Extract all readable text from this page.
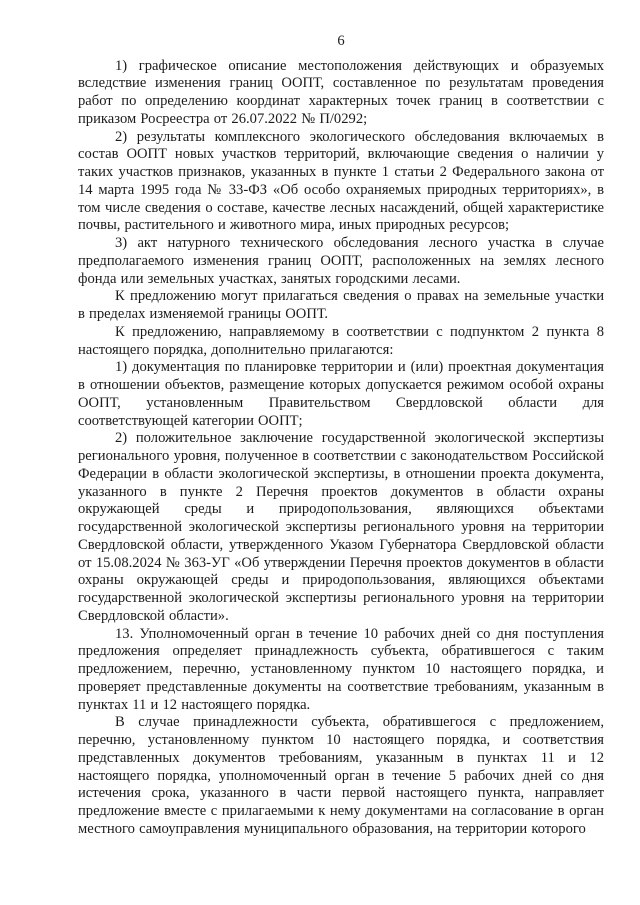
6

1) графическое описание местоположения действующих и образуемых вследствие изменения границ ООПТ, составленное по результатам проведения работ по определению координат характерных точек границ в соответствии с приказом Росреестра от 26.07.2022 № П/0292;

2) результаты комплексного экологического обследования включаемых в состав ООПТ новых участков территорий, включающие сведения о наличии у таких участков признаков, указанных в пункте 1 статьи 2 Федерального закона от 14 марта 1995 года № 33-ФЗ «Об особо охраняемых природных территориях», в том числе сведения о составе, качестве лесных насаждений, общей характеристике почвы, растительного и животного мира, иных природных ресурсов;

3) акт натурного технического обследования лесного участка в случае предполагаемого изменения границ ООПТ, расположенных на землях лесного фонда или земельных участках, занятых городскими лесами.

К предложению могут прилагаться сведения о правах на земельные участки в пределах изменяемой границы ООПТ.

К предложению, направляемому в соответствии с подпунктом 2 пункта 8 настоящего порядка, дополнительно прилагаются:

1) документация по планировке территории и (или) проектная документация в отношении объектов, размещение которых допускается режимом особой охраны ООПТ, установленным Правительством Свердловской области для соответствующей категории ООПТ;

2) положительное заключение государственной экологической экспертизы регионального уровня, полученное в соответствии с законодательством Российской Федерации в области экологической экспертизы, в отношении проекта документа, указанного в пункте 2 Перечня проектов документов в области охраны окружающей среды и природопользования, являющихся объектами государственной экологической экспертизы регионального уровня на территории Свердловской области, утвержденного Указом Губернатора Свердловской области от 15.08.2024 № 363-УГ «Об утверждении Перечня проектов документов в области охраны окружающей среды и природопользования, являющихся объектами государственной экологической экспертизы регионального уровня на территории Свердловской области».

13. Уполномоченный орган в течение 10 рабочих дней со дня поступления предложения определяет принадлежность субъекта, обратившегося с таким предложением, перечню, установленному пунктом 10 настоящего порядка, и проверяет представленные документы на соответствие требованиям, указанным в пунктах 11 и 12 настоящего порядка.

В случае принадлежности субъекта, обратившегося с предложением, перечню, установленному пунктом 10 настоящего порядка, и соответствия представленных документов требованиям, указанным в пунктах 11 и 12 настоящего порядка, уполномоченный орган в течение 5 рабочих дней со дня истечения срока, указанного в части первой настоящего пункта, направляет предложение вместе с прилагаемыми к нему документами на согласование в орган местного самоуправления муниципального образования, на территории которого
